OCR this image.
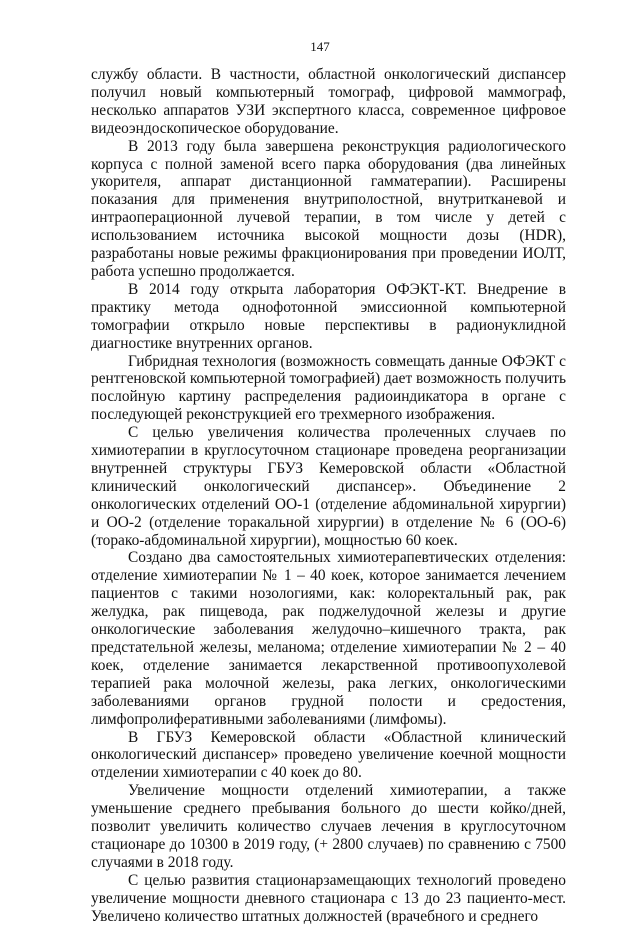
147

службу области. В частности, областной онкологический диспансер получил новый компьютерный томограф, цифровой маммограф, несколько аппаратов УЗИ экспертного класса, современное цифровое видеоэндоскопическое оборудование.

В 2013 году была завершена реконструкция радиологического корпуса с полной заменой всего парка оборудования (два линейных укорителя, аппарат дистанционной гамматерапии). Расширены показания для применения внутриполостной, внутритканевой и интраоперационной лучевой терапии, в том числе у детей с использованием источника высокой мощности дозы (HDR), разработаны новые режимы фракционирования при проведении ИОЛТ, работа успешно продолжается.

В 2014 году открыта лаборатория ОФЭКТ-КТ. Внедрение в практику метода однофотонной эмиссионной компьютерной томографии открыло новые перспективы в радионуклидной диагностике внутренних органов.

Гибридная технология (возможность совмещать данные ОФЭКТ с рентгеновской компьютерной томографией) дает возможность получить послойную картину распределения радиоиндикатора в органе с последующей реконструкцией его трехмерного изображения.

С целью увеличения количества пролеченных случаев по химиотерапии в круглосуточном стационаре проведена реорганизации внутренней структуры ГБУЗ Кемеровской области «Областной клинический онкологический диспансер». Объединение 2 онкологических отделений ОО-1 (отделение абдоминальной хирургии) и ОО-2 (отделение торакальной хирургии) в отделение № 6 (ОО-6) (торако-абдоминальной хирургии), мощностью 60 коек.

Создано два самостоятельных химиотерапевтических отделения: отделение химиотерапии № 1 – 40 коек, которое занимается лечением пациентов с такими нозологиями, как: колоректальный рак, рак желудка, рак пищевода, рак поджелудочной железы и другие онкологические заболевания желудочно–кишечного тракта, рак предстательной железы, меланома; отделение химиотерапии № 2 – 40 коек, отделение занимается лекарственной противоопухолевой терапией рака молочной железы, рака легких, онкологическими заболеваниями органов грудной полости и средостения, лимфопролиферативными заболеваниями (лимфомы).

В ГБУЗ Кемеровской области «Областной клинический онкологический диспансер» проведено увеличение коечной мощности отделении химиотерапии с 40 коек до 80.

Увеличение мощности отделений химиотерапии, а также уменьшение среднего пребывания больного до шести койко/дней, позволит увеличить количество случаев лечения в круглосуточном стационаре до 10300 в 2019 году, (+ 2800 случаев) по сравнению с 7500 случаями в 2018 году.

С целью развития стационарзамещающих технологий проведено увеличение мощности дневного стационара с 13 до 23 пациенто-мест. Увеличено количество штатных должностей (врачебного и среднего
